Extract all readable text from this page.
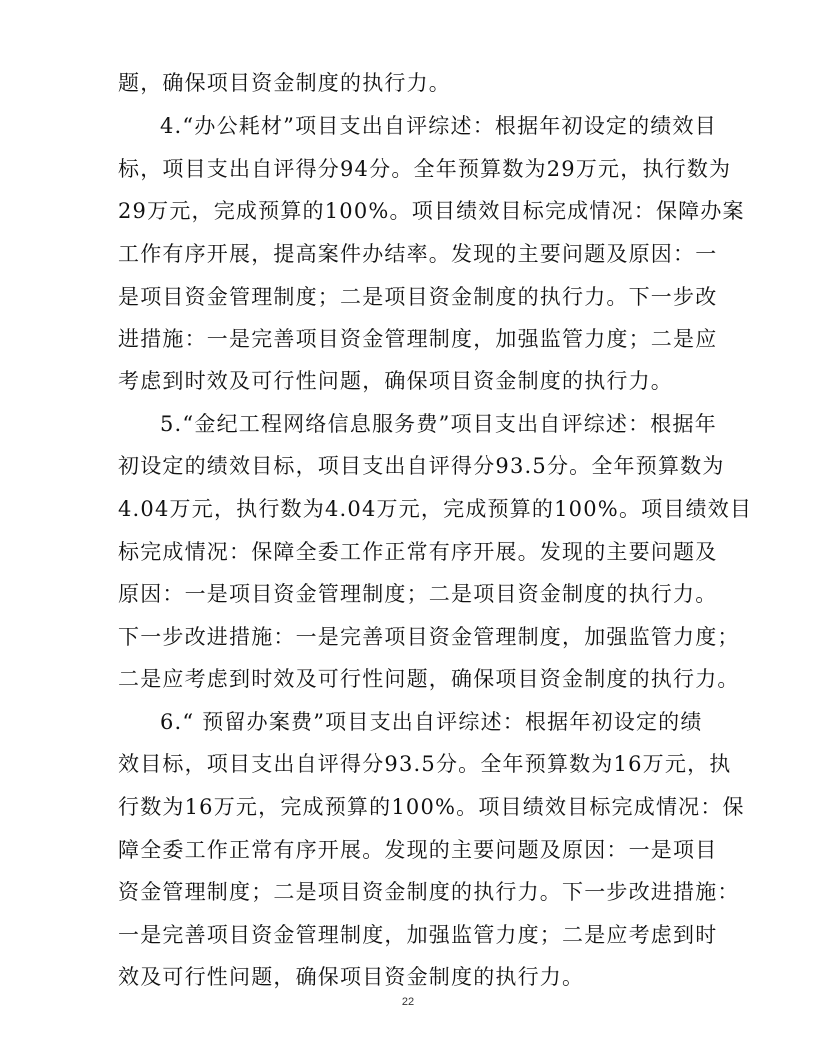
题，确保项目资金制度的执行力。
4.“办公耗材”项目支出自评综述：根据年初设定的绩效目
标，项目支出自评得分94分。全年预算数为29万元，执行数为
29万元，完成预算的100%。项目绩效目标完成情况：保障办案
工作有序开展，提高案件办结率。发现的主要问题及原因：一
是项目资金管理制度；二是项目资金制度的执行力。下一步改
进措施：一是完善项目资金管理制度，加强监管力度；二是应
考虑到时效及可行性问题，确保项目资金制度的执行力。
5.“金纪工程网络信息服务费”项目支出自评综述：根据年
初设定的绩效目标，项目支出自评得分93.5分。全年预算数为
4.04万元，执行数为4.04万元，完成预算的100%。项目绩效目
标完成情况：保障全委工作正常有序开展。发现的主要问题及
原因：一是项目资金管理制度；二是项目资金制度的执行力。
下一步改进措施：一是完善项目资金管理制度，加强监管力度；
二是应考虑到时效及可行性问题，确保项目资金制度的执行力。
6.“ 预留办案费”项目支出自评综述：根据年初设定的绩
效目标，项目支出自评得分93.5分。全年预算数为16万元，执
行数为16万元，完成预算的100%。项目绩效目标完成情况：保
障全委工作正常有序开展。发现的主要问题及原因：一是项目
资金管理制度；二是项目资金制度的执行力。下一步改进措施：
一是完善项目资金管理制度，加强监管力度；二是应考虑到时
效及可行性问题，确保项目资金制度的执行力。
22
